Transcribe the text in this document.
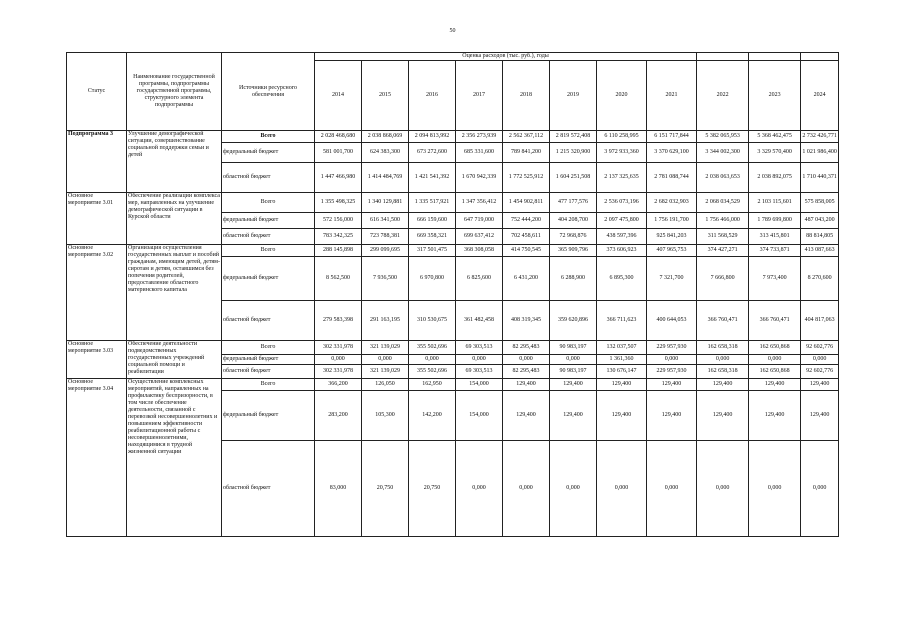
50
Статус	Наименование государственной программы, подпрограммы государственной программы, структурного элемента подпрограммы	Источники ресурсного обеспечения	Оценка расходов (тыс. руб.), годы										
			2014	2015	2016	2017	2018	2019	2020	2021	2022	2023	2024
Подпрограмма 3	Улучшение демографической ситуации, совершенствование социальной поддержки семьи и детей	Всего	2 028 468,680	2 038 868,069	2 094 813,992	2 356 273,939	2 562 367,112	2 819 572,408	6 110 258,995	6 151 717,844	5 382 065,953	5 368 462,475	2 732 426,771
		федеральный бюджет	581 001,700	624 383,300	673 272,600	685 331,600	789 841,200	1 215 320,900	3 972 933,360	3 370 629,100	3 344 002,300	3 329 570,400	1 021 986,400
		областной бюджет	1 447 466,980	1 414 484,769	1 421 541,392	1 670 942,339	1 772 525,912	1 604 251,508	2 137 325,635	2 781 088,744	2 038 063,653	2 038 892,075	1 710 440,371
Основное мероприятие 3.01	Обеспечение реализации комплекса мер, направленных на улучшение демографической ситуации в Курской области	Всего	1 355 498,325	1 340 129,881	1 335 517,921	1 347 356,412	1 454 902,811	477 177,576	2 536 073,196	2 682 032,903	2 068 034,529	2 103 115,601	575 858,005
		федеральный бюджет	572 156,000	616 341,500	666 159,600	647 719,000	752 444,200	404 208,700	2 097 475,800	1 756 191,700	1 756 466,000	1 789 699,800	487 043,200
		областной бюджет	783 342,325	723 788,381	669 358,321	699 637,412	702 458,611	72 968,876	438 597,396	925 841,203	311 568,529	313 415,801	88 814,805
Основное мероприятие 3.02	Организация осуществления государственных выплат и пособий гражданам, имеющим детей, детям-сиротам и детям, оставшимся без попечения родителей, предоставление областного материнского капитала	Всего	288 145,898	299 099,695	317 501,475	368 308,058	414 750,545	365 909,796	373 606,923	407 965,753	374 427,271	374 733,871	413 087,663
		федеральный бюджет	8 562,500	7 936,500	6 970,800	6 825,600	6 431,200	6 288,900	6 895,300	7 321,700	7 666,800	7 973,400	8 270,600
		областной бюджет	279 583,398	291 163,195	310 530,675	361 482,458	408 319,345	359 620,896	366 711,623	400 644,053	366 760,471	366 760,471	404 817,063
Основное мероприятие 3.03	Обеспечение деятельности подведомственных государственных учреждений социальной помощи и реабилитации	Всего	302 331,978	321 139,029	355 502,696	69 303,513	82 295,483	90 983,197	132 037,507	229 957,930	162 658,318	162 650,868	92 602,776
		федеральный бюджет	0,000	0,000	0,000	0,000	0,000	0,000	1 361,360	0,000	0,000	0,000	0,000
		областной бюджет	302 331,978	321 139,029	355 502,696	69 303,513	82 295,483	90 983,197	130 676,147	229 957,930	162 658,318	162 650,868	92 602,776
Основное мероприятие 3.04	Осуществление комплексных мероприятий, направленных на профилактику беспризорности, в том числе обеспечение деятельности, связанной с перевозкой несовершеннолетних и повышением эффективности реабилитационной работы с несовершеннолетними, находящимися в трудной жизненной ситуации	Всего	366,200	126,050	162,950	154,000	129,400	129,400	129,400	129,400	129,400	129,400	129,400
		федеральный бюджет	283,200	105,300	142,200	154,000	129,400	129,400	129,400	129,400	129,400	129,400	129,400
		областной бюджет	83,000	20,750	20,750	0,000	0,000	0,000	0,000	0,000	0,000	0,000	0,000
